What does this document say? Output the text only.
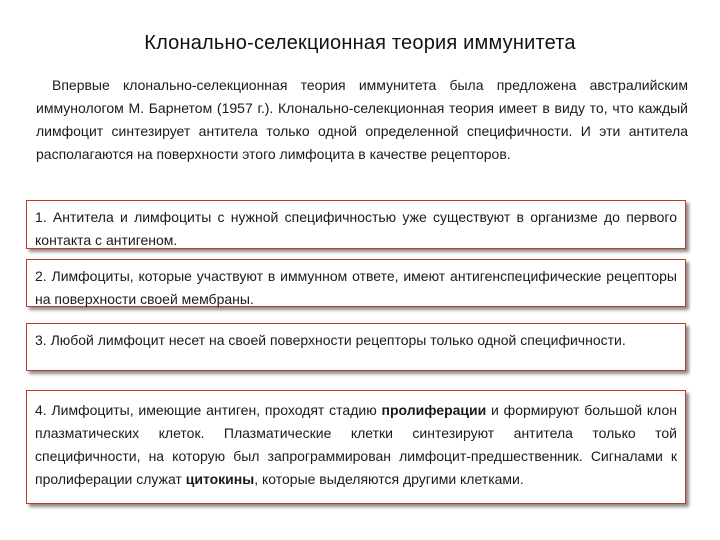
Клонально-селекционная теория иммунитета
Впервые клонально-селекционная теория иммунитета была предложена австралийским иммунологом М. Барнетом (1957 г.). Клонально-селекционная теория имеет в виду то, что каждый лимфоцит синтезирует антитела только одной определенной специфичности. И эти антитела располагаются на поверхности этого лимфоцита в качестве рецепторов.
1. Антитела и лимфоциты с нужной специфичностью уже существуют в организме до первого контакта с антигеном.
2. Лимфоциты, которые участвуют в иммунном ответе, имеют антигенспецифические рецепторы на поверхности своей мембраны.
3. Любой лимфоцит несет на своей поверхности рецепторы только одной специфичности.
4. Лимфоциты, имеющие антиген, проходят стадию пролиферации и формируют большой клон плазматических клеток. Плазматические клетки синтезируют антитела только той специфичности, на которую был запрограммирован лимфоцит-предшественник. Сигналами к пролиферации служат цитокины, которые выделяются другими клетками.
